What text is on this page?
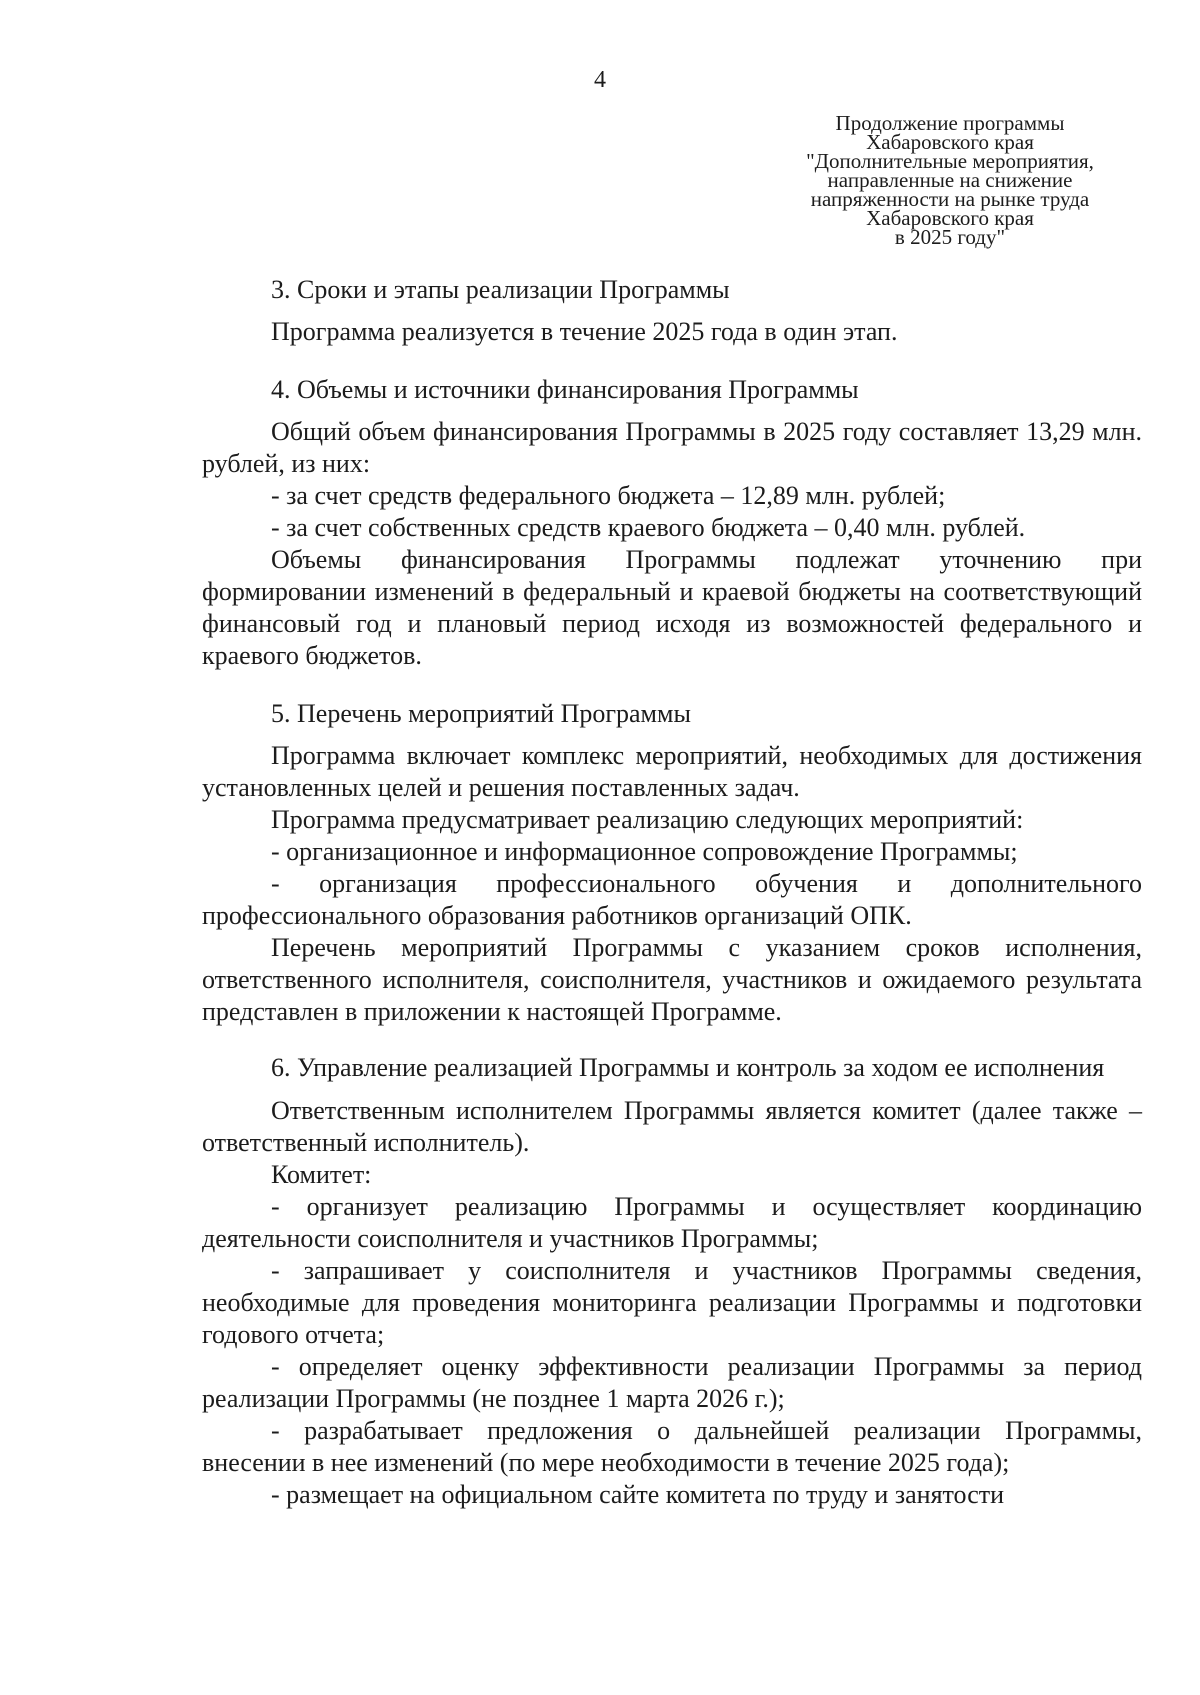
4
Продолжение программы
Хабаровского края
"Дополнительные мероприятия,
направленные на снижение
напряженности на рынке труда
Хабаровского края
в 2025 году"
3. Сроки и этапы реализации Программы

Программа реализуется в течение 2025 года в один этап.

4. Объемы и источники финансирования Программы

Общий объем финансирования Программы в 2025 году составляет 13,29 млн. рублей, из них:

- за счет средств федерального бюджета – 12,89 млн. рублей;

- за счет собственных средств краевого бюджета – 0,40 млн. рублей.

Объемы финансирования Программы подлежат уточнению при формировании изменений в федеральный и краевой бюджеты на соответствующий финансовый год и плановый период исходя из возможностей федерального и краевого бюджетов.

5. Перечень мероприятий Программы

Программа включает комплекс мероприятий, необходимых для достижения установленных целей и решения поставленных задач.

Программа предусматривает реализацию следующих мероприятий:

- организационное и информационное сопровождение Программы;

- организация профессионального обучения и дополнительного профессионального образования работников организаций ОПК.

Перечень мероприятий Программы с указанием сроков исполнения, ответственного исполнителя, соисполнителя, участников и ожидаемого результата представлен в приложении к настоящей Программе.

6. Управление реализацией Программы и контроль за ходом ее исполнения

Ответственным исполнителем Программы является комитет (далее также – ответственный исполнитель).

Комитет:

- организует реализацию Программы и осуществляет координацию деятельности соисполнителя и участников Программы;

- запрашивает у соисполнителя и участников Программы сведения, необходимые для проведения мониторинга реализации Программы и подготовки годового отчета;

- определяет оценку эффективности реализации Программы за период реализации Программы (не позднее 1 марта 2026 г.);

- разрабатывает предложения о дальнейшей реализации Программы, внесении в нее изменений (по мере необходимости в течение 2025 года);

- размещает на официальном сайте комитета по труду и занятости
